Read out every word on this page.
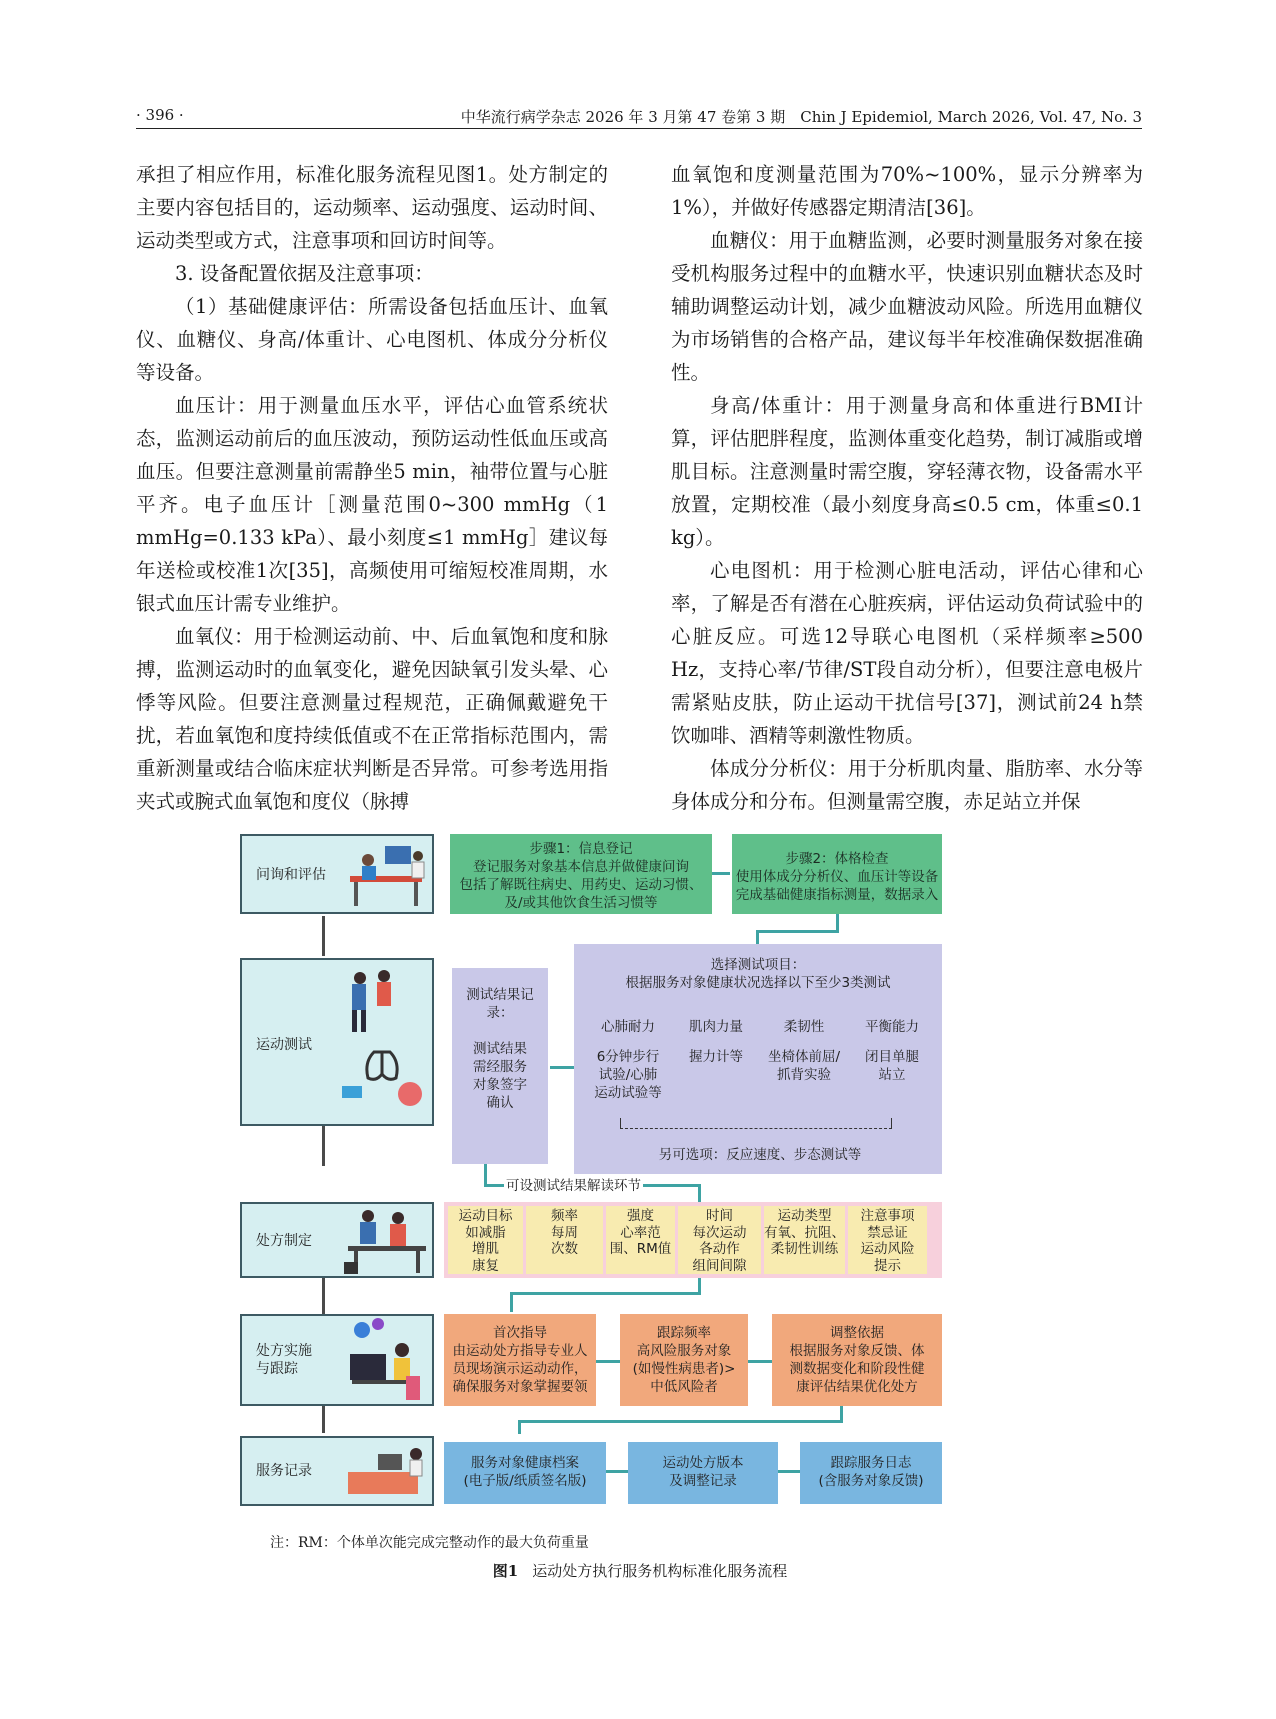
· 396 ·	中华流行病学杂志 2026 年 3 月第 47 卷第 3 期　Chin J Epidemiol, March 2026, Vol. 47, No. 3

承担了相应作用，标准化服务流程见图1。处方制定的主要内容包括目的，运动频率、运动强度、运动时间、运动类型或方式，注意事项和回访时间等。

3. 设备配置依据及注意事项：

（1）基础健康评估：所需设备包括血压计、血氧仪、血糖仪、身高/体重计、心电图机、体成分分析仪等设备。

血压计：用于测量血压水平，评估心血管系统状态，监测运动前后的血压波动，预防运动性低血压或高血压。但要注意测量前需静坐5 min，袖带位置与心脏平齐。电子血压计［测量范围0~300 mmHg（1 mmHg=0.133 kPa）、最小刻度≤1 mmHg］建议每年送检或校准1次[35]，高频使用可缩短校准周期，水银式血压计需专业维护。

血氧仪：用于检测运动前、中、后血氧饱和度和脉搏，监测运动时的血氧变化，避免因缺氧引发头晕、心悸等风险。但要注意测量过程规范，正确佩戴避免干扰，若血氧饱和度持续低值或不在正常指标范围内，需重新测量或结合临床症状判断是否异常。可参考选用指夹式或腕式血氧饱和度仪（脉搏

血氧饱和度测量范围为70%~100%，显示分辨率为1%），并做好传感器定期清洁[36]。

血糖仪：用于血糖监测，必要时测量服务对象在接受机构服务过程中的血糖水平，快速识别血糖状态及时辅助调整运动计划，减少血糖波动风险。所选用血糖仪为市场销售的合格产品，建议每半年校准确保数据准确性。

身高/体重计：用于测量身高和体重进行BMI计算，评估肥胖程度，监测体重变化趋势，制订减脂或增肌目标。注意测量时需空腹，穿轻薄衣物，设备需水平放置，定期校准（最小刻度身高≤0.5 cm，体重≤0.1 kg）。

心电图机：用于检测心脏电活动，评估心律和心率，了解是否有潜在心脏疾病，评估运动负荷试验中的心脏反应。可选12导联心电图机（采样频率≥500 Hz，支持心率/节律/ST段自动分析），但要注意电极片需紧贴皮肤，防止运动干扰信号[37]，测试前24 h禁饮咖啡、酒精等刺激性物质。

体成分分析仪：用于分析肌肉量、脂肪率、水分等身体成分和分布。但测量需空腹，赤足站立并保

问询和评估
步骤1：信息登记
登记服务对象基本信息并做健康问询
包括了解既往病史、用药史、运动习惯、
及/或其他饮食生活习惯等
步骤2：体格检查
使用体成分分析仪、血压计等设备
完成基础健康指标测量，数据录入
运动测试
测试结果记录：

测试结果
需经服务
对象签字
确认
选择测试项目：
根据服务对象健康状况选择以下至少3类测试
心肺耐力
6分钟步行
试验/心肺
运动试验等
肌肉力量
握力计等
柔韧性
坐椅体前屈/
抓背实验
平衡能力
闭目单腿
站立
另可选项：反应速度、步态测试等
可设测试结果解读环节
处方制定
运动目标
如减脂
增肌
康复
频率
每周
次数
强度
心率范
围、RM值
时间
每次运动
各动作
组间间隙
运动类型
有氧、抗阻、
柔韧性训练
注意事项
禁忌证
运动风险
提示
处方实施
与跟踪
服务记录
注：RM：个体单次能完成完整动作的最大负荷重量
图1 运动处方执行服务机构标准化服务流程
首次指导
由运动处方指导专业人
员现场演示运动动作，
确保服务对象掌握要领
跟踪频率
高风险服务对象
(如慢性病患者)>
中低风险者
调整依据
根据服务对象反馈、体
测数据变化和阶段性健
康评估结果优化处方
服务对象健康档案
(电子版/纸质签名版)
运动处方版本
及调整记录
跟踪服务日志
(含服务对象反馈)
